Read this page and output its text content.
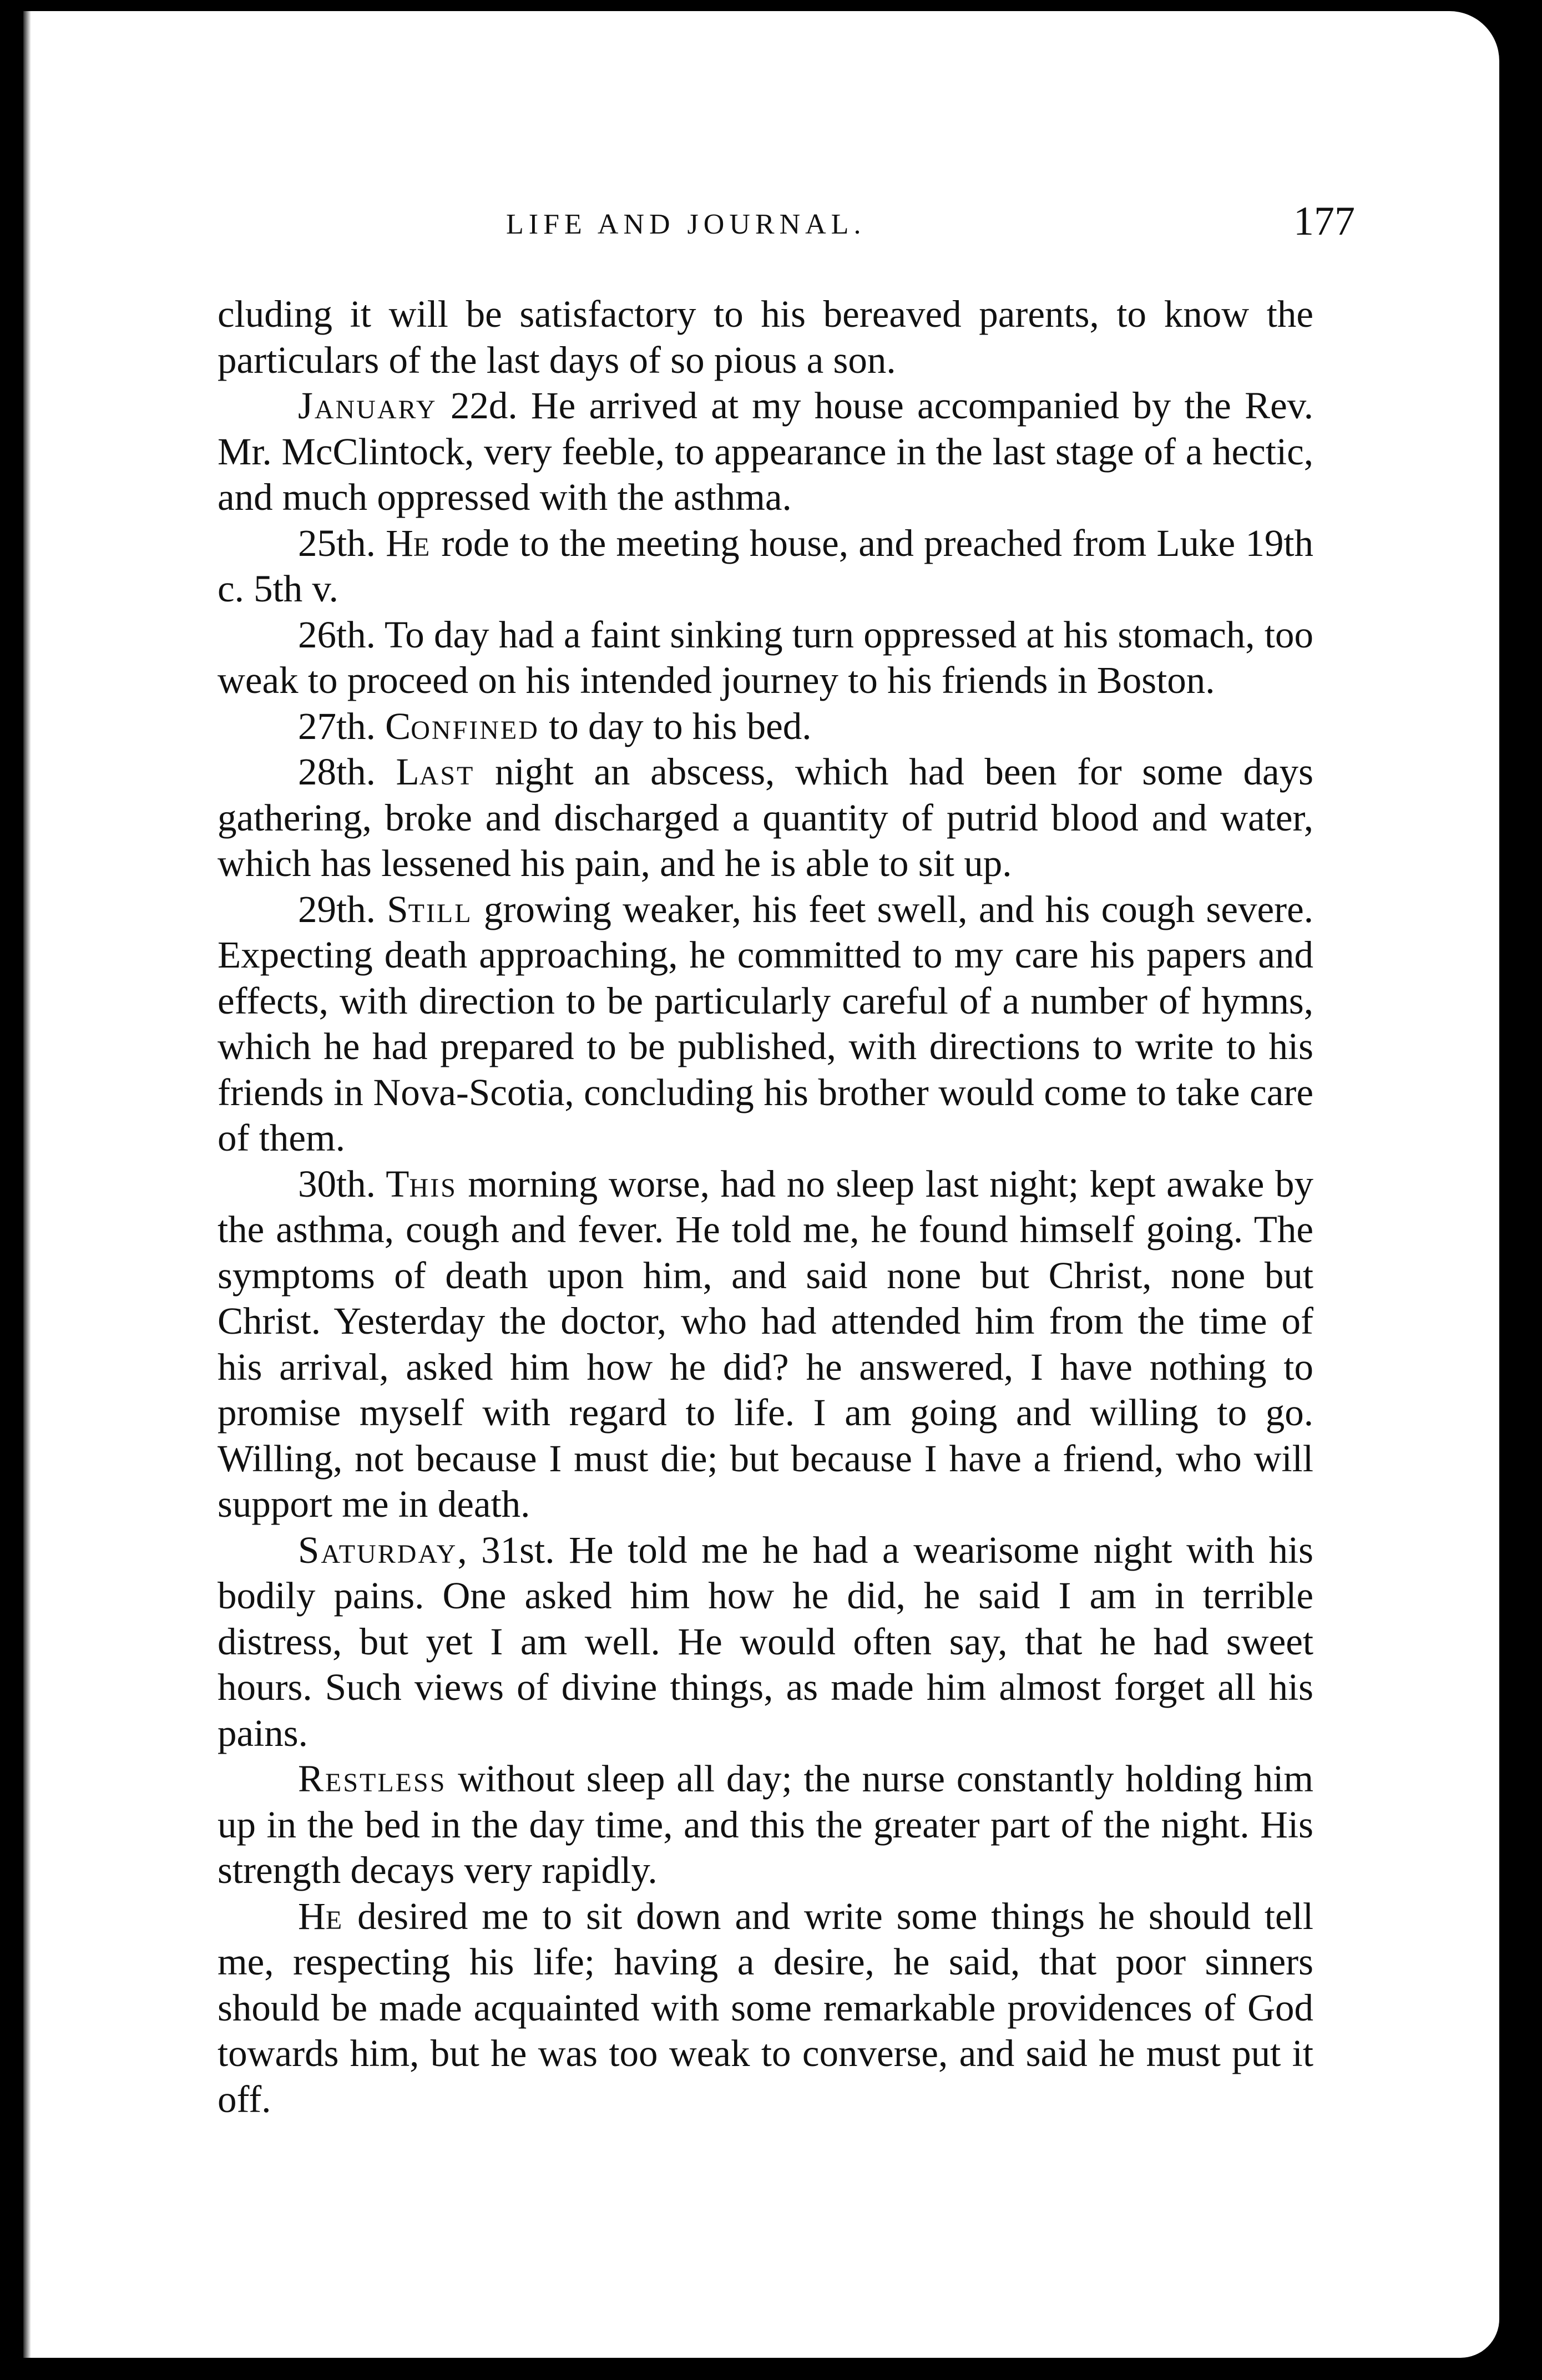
LIFE AND JOURNAL.	177

cluding it will be satisfactory to his bereaved parents, to know the particulars of the last days of so pious a son.

January 22d. He arrived at my house accompanied by the Rev. Mr. McClintock, very feeble, to appearance in the last stage of a hectic, and much oppressed with the asthma.

25th. He rode to the meeting house, and preached from Luke 19th c. 5th v.

26th. To day had a faint sinking turn oppressed at his stomach, too weak to proceed on his intended journey to his friends in Boston.

27th. Confined to day to his bed.

28th. Last night an abscess, which had been for some days gathering, broke and discharged a quantity of putrid blood and water, which has lessened his pain, and he is able to sit up.

29th. Still growing weaker, his feet swell, and his cough severe. Expecting death approaching, he committed to my care his papers and effects, with direction to be particularly careful of a number of hymns, which he had prepared to be published, with directions to write to his friends in Nova-Scotia, concluding his brother would come to take care of them.

30th. This morning worse, had no sleep last night; kept awake by the asthma, cough and fever. He told me, he found himself going. The symptoms of death upon him, and said none but Christ, none but Christ. Yesterday the doctor, who had attended him from the time of his arrival, asked him how he did? he answered, I have nothing to promise myself with regard to life. I am going and willing to go. Willing, not because I must die; but because I have a friend, who will support me in death.

Saturday, 31st. He told me he had a wearisome night with his bodily pains. One asked him how he did, he said I am in terrible distress, but yet I am well. He would often say, that he had sweet hours. Such views of divine things, as made him almost forget all his pains.

Restless without sleep all day; the nurse constantly holding him up in the bed in the day time, and this the greater part of the night. His strength decays very rapidly.

He desired me to sit down and write some things he should tell me, respecting his life; having a desire, he said, that poor sinners should be made acquainted with some remarkable providences of God towards him, but he was too weak to converse, and said he must put it off.
